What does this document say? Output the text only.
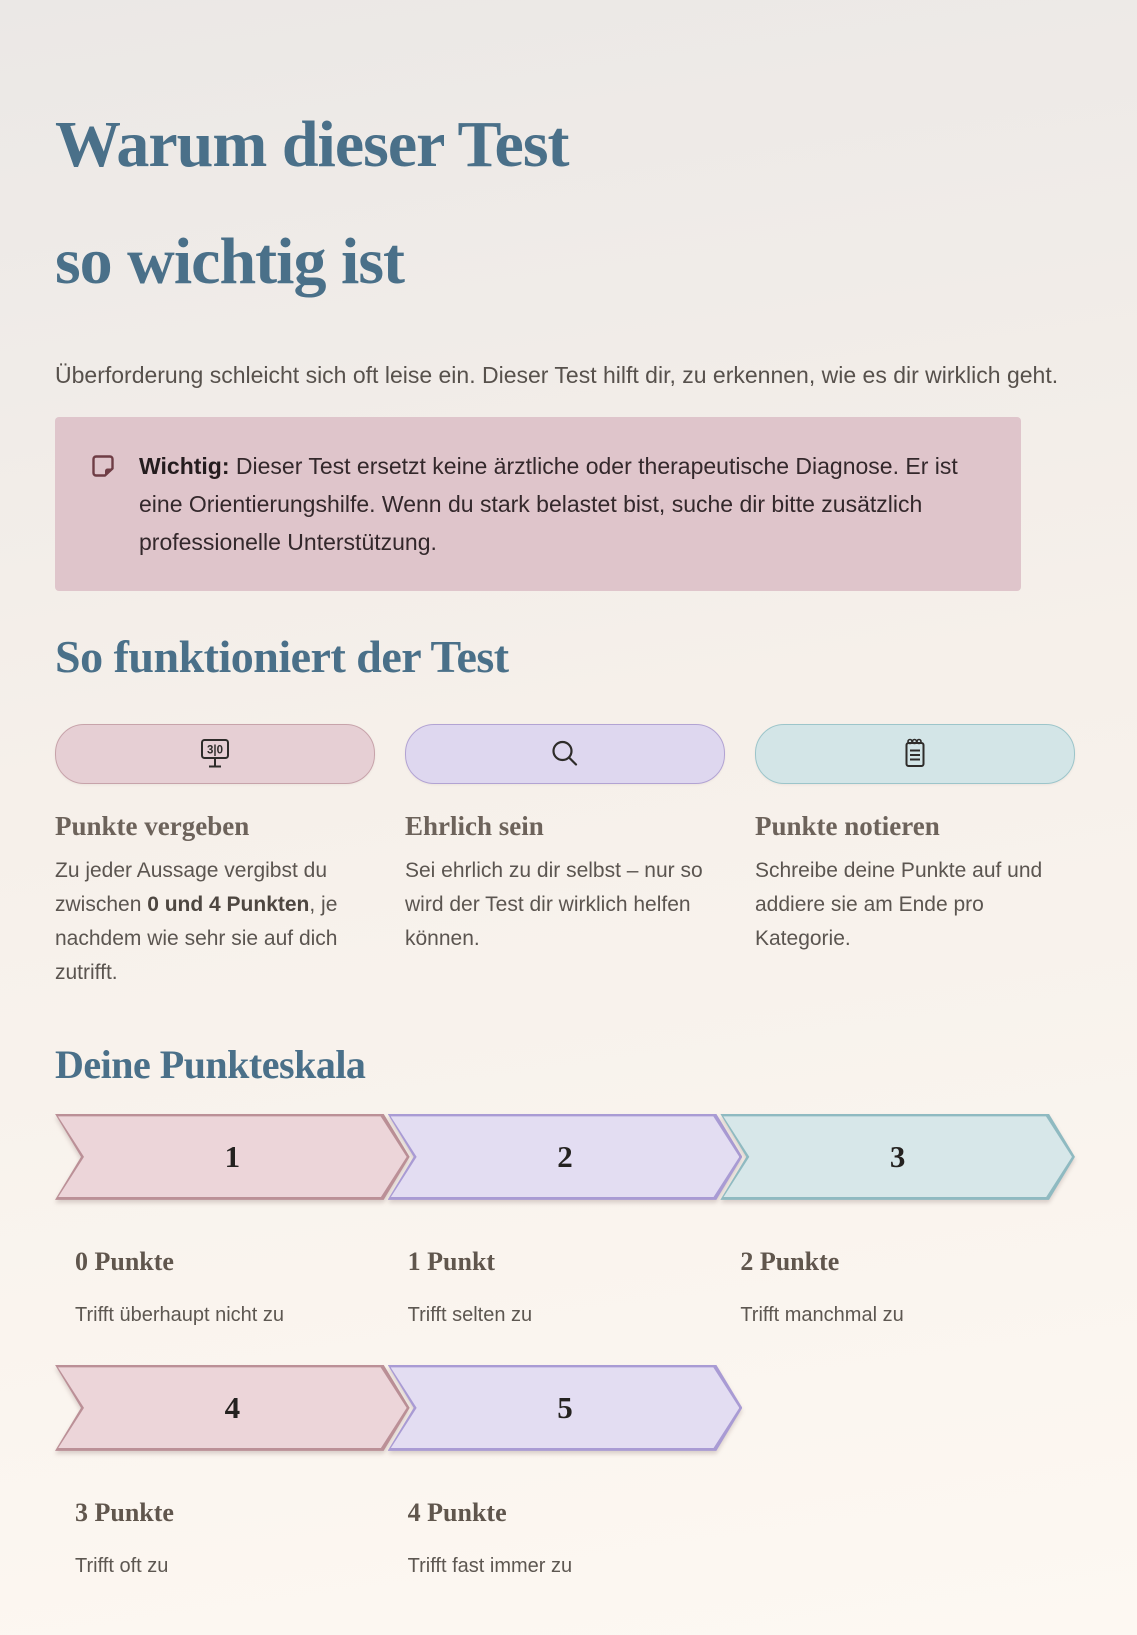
Warum dieser Test
so wichtig ist

Überforderung schleicht sich oft leise ein. Dieser Test hilft dir, zu erkennen, wie es dir wirklich geht.

Wichtig: Dieser Test ersetzt keine ärztliche oder therapeutische Diagnose. Er ist eine Orientierungshilfe. Wenn du stark belastet bist, suche dir bitte zusätzlich professionelle Unterstützung.

So funktioniert der Test
3|0
Punkte vergeben

Zu jeder Aussage vergibst du zwischen 0 und 4 Punkten, je nachdem wie sehr sie auf dich zutrifft.

Ehrlich sein

Sei ehrlich zu dir selbst – nur so wird der Test dir wirklich helfen können.

Punkte notieren

Schreibe deine Punkte auf und addiere sie am Ende pro Kategorie.

Deine Punkteskala
1
0 Punkte
Trifft überhaupt nicht zu
2
1 Punkt
Trifft selten zu
3
2 Punkte
Trifft manchmal zu
4
3 Punkte
Trifft oft zu
5
4 Punkte
Trifft fast immer zu
